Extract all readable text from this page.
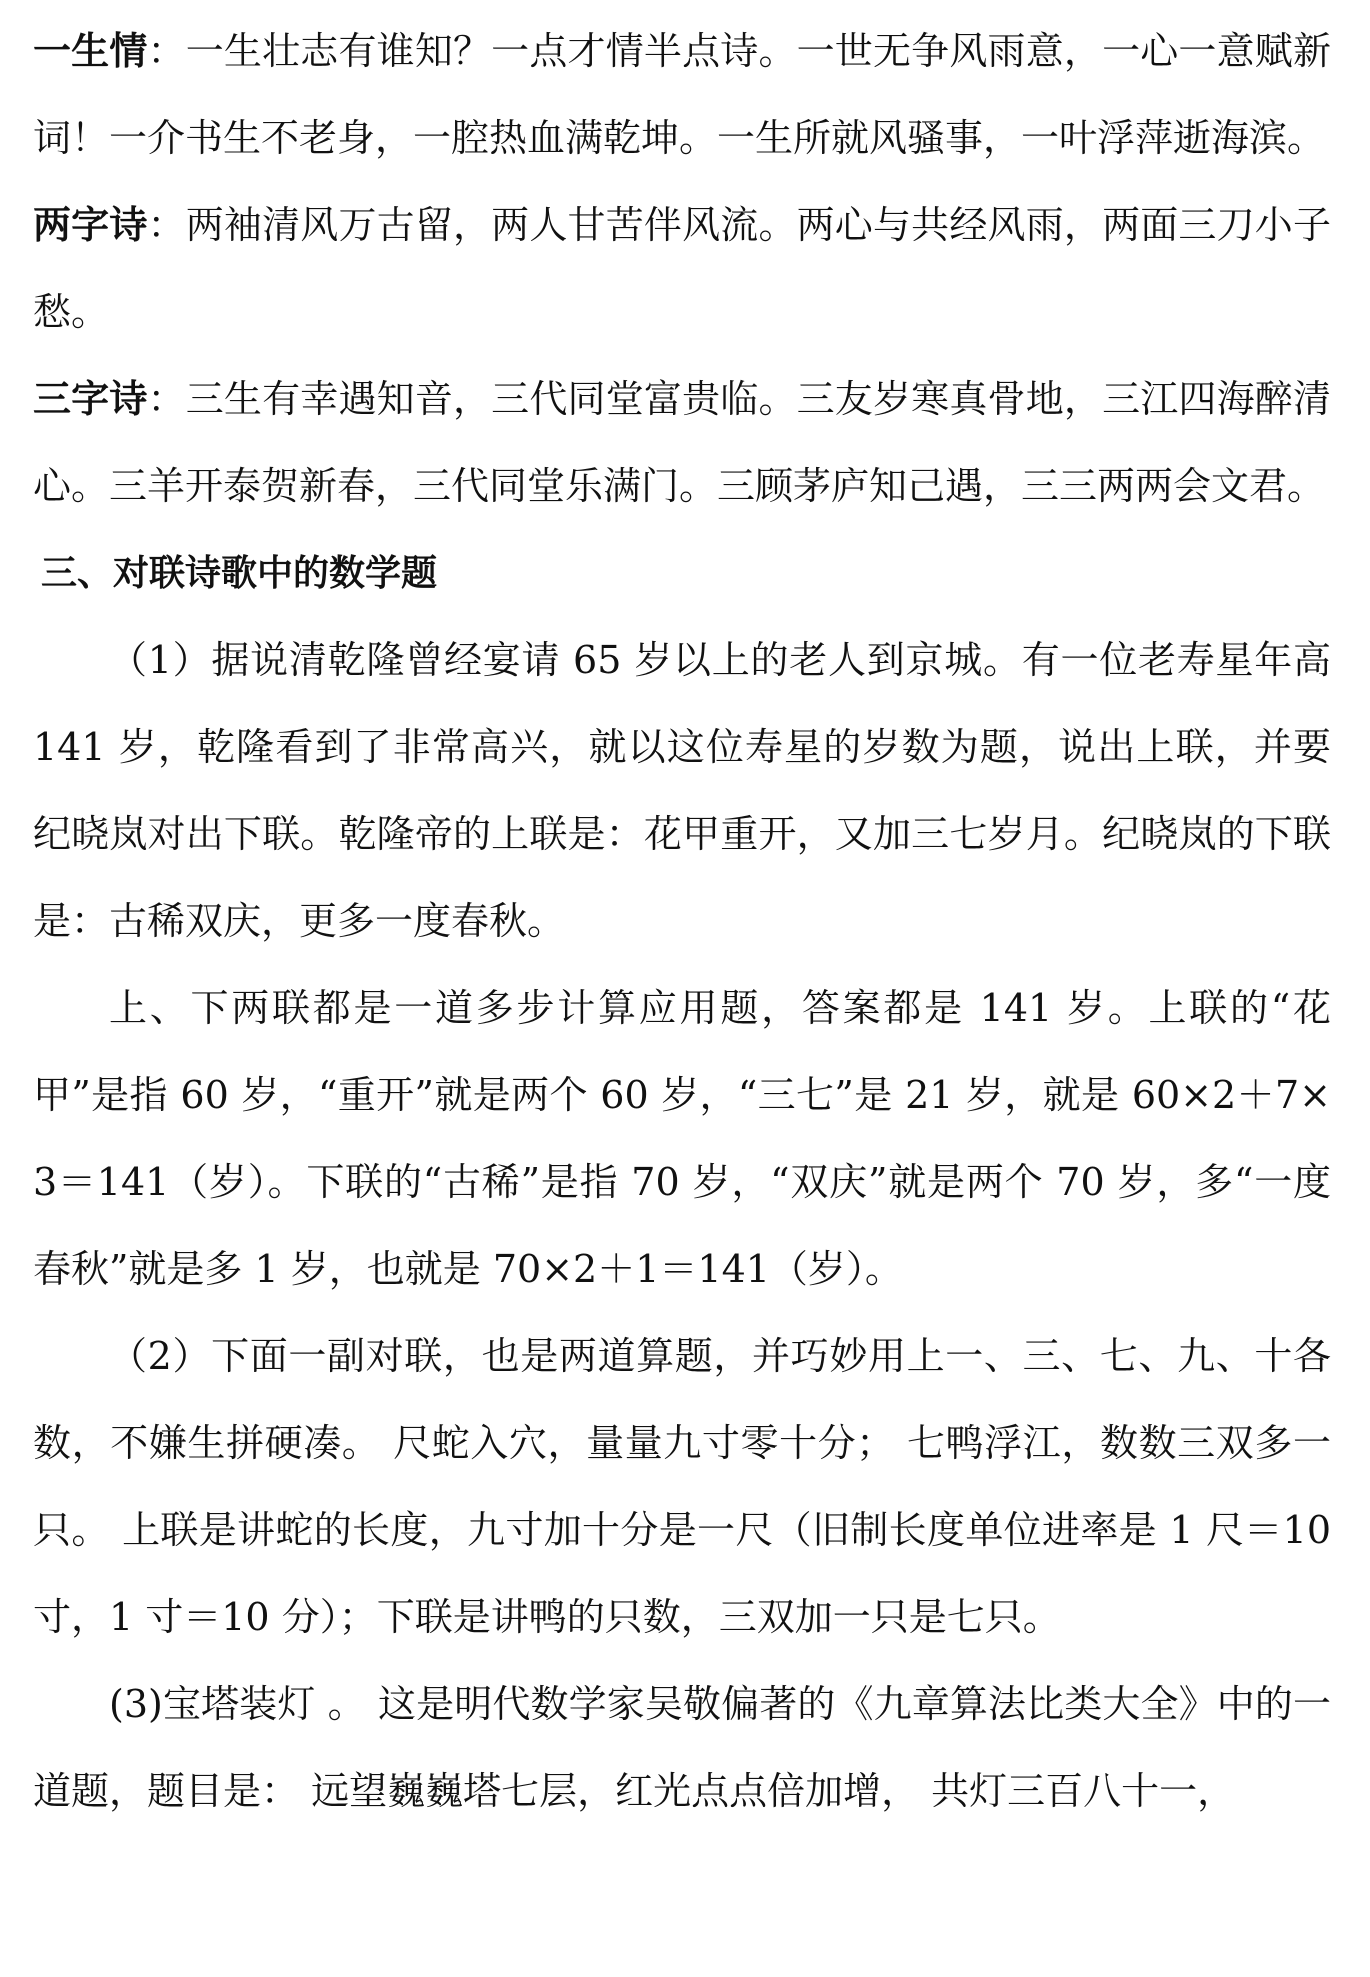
一生情：一生壮志有谁知？一点才情半点诗。一世无争风雨意，一心一意赋新词！一介书生不老身，一腔热血满乾坤。一生所就风骚事，一叶浮萍逝海滨。

两字诗：两袖清风万古留，两人甘苦伴风流。两心与共经风雨，两面三刀小子愁。

三字诗：三生有幸遇知音，三代同堂富贵临。三友岁寒真骨地，三江四海醉清心。三羊开泰贺新春，三代同堂乐满门。三顾茅庐知己遇，三三两两会文君。

三、对联诗歌中的数学题

（1）据说清乾隆曾经宴请 65 岁以上的老人到京城。有一位老寿星年高 141 岁，乾隆看到了非常高兴，就以这位寿星的岁数为题，说出上联，并要纪晓岚对出下联。乾隆帝的上联是：花甲重开，又加三七岁月。纪晓岚的下联是：古稀双庆，更多一度春秋。

上、下两联都是一道多步计算应用题，答案都是 141 岁。上联的“花甲”是指 60 岁，“重开”就是两个 60 岁，“三七”是 21 岁，就是 60×2＋7×3＝141（岁）。下联的“古稀”是指 70 岁，“双庆”就是两个 70 岁，多“一度春秋”就是多 1 岁，也就是 70×2＋1＝141（岁）。

（2）下面一副对联，也是两道算题，并巧妙用上一、三、七、九、十各数，不嫌生拼硬凑。 尺蛇入穴，量量九寸零十分； 七鸭浮江，数数三双多一只。 上联是讲蛇的长度，九寸加十分是一尺（旧制长度单位进率是 1 尺＝10 寸，1 寸＝10 分）；下联是讲鸭的只数，三双加一只是七只。

(3)宝塔装灯 。 这是明代数学家吴敬偏著的《九章算法比类大全》中的一道题，题目是： 远望巍巍塔七层，红光点点倍加增， 共灯三百八十一，
